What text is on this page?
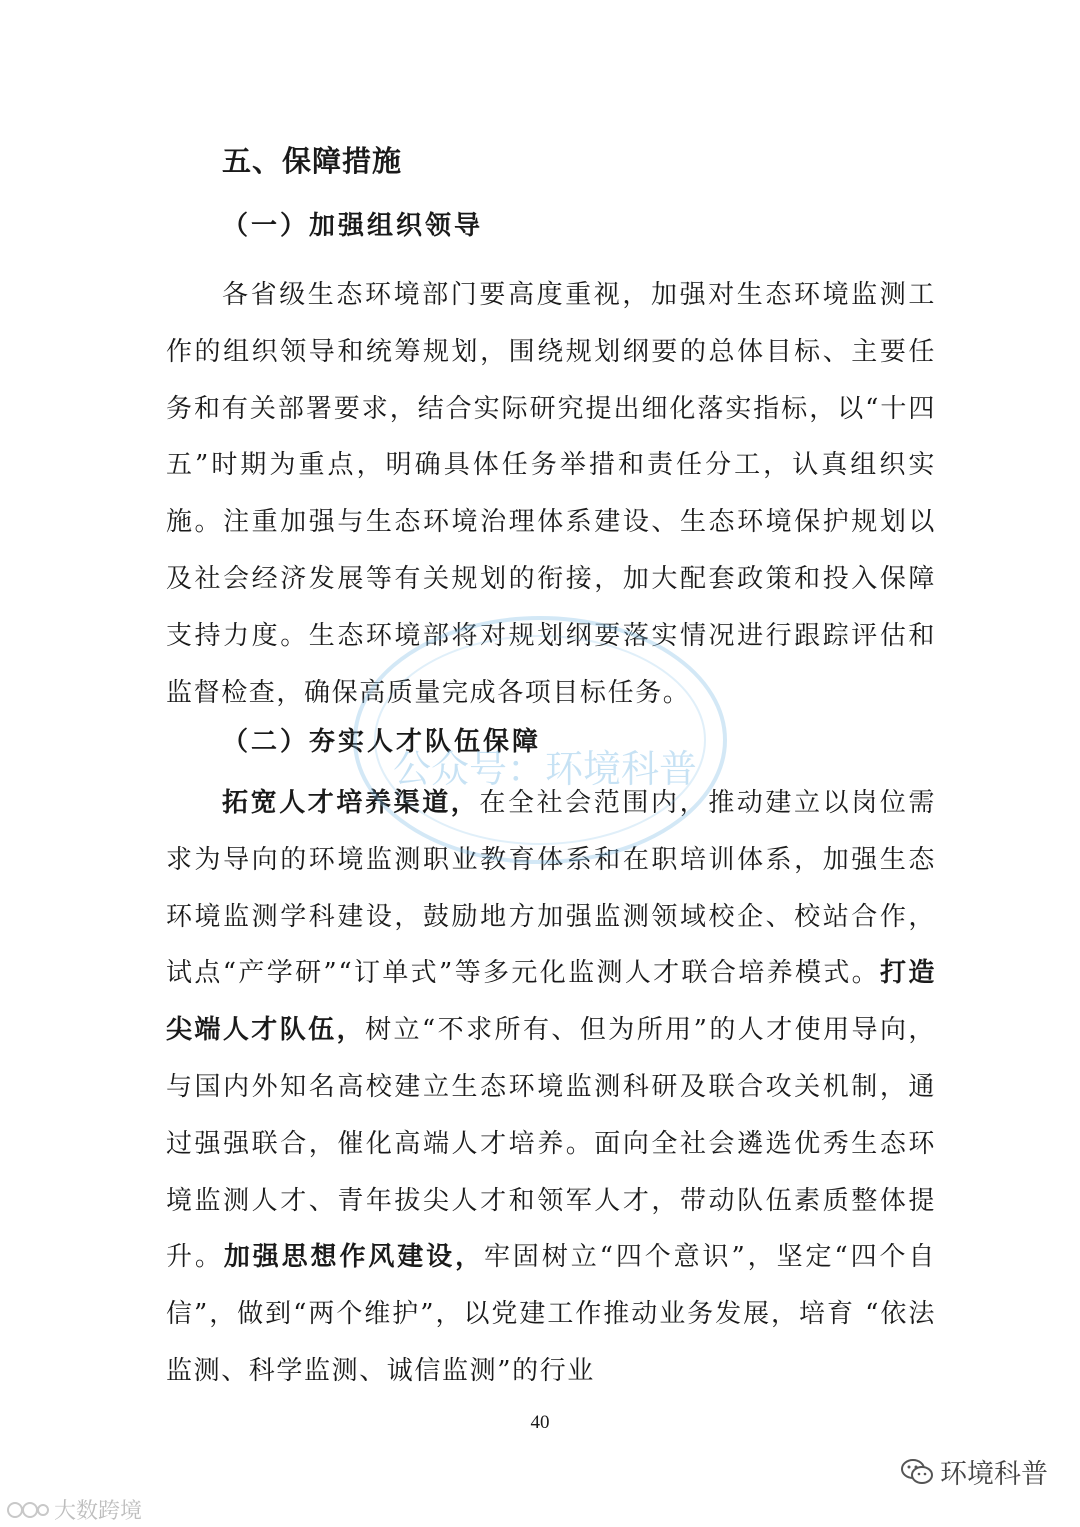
五、保障措施
（一）加强组织领导

各省级生态环境部门要高度重视，加强对生态环境监测工作的组织领导和统筹规划，围绕规划纲要的总体目标、主要任务和有关部署要求，结合实际研究提出细化落实指标，以“十四五”时期为重点，明确具体任务举措和责任分工，认真组织实施。注重加强与生态环境治理体系建设、生态环境保护规划以及社会经济发展等有关规划的衔接，加大配套政策和投入保障支持力度。生态环境部将对规划纲要落实情况进行跟踪评估和监督检查，确保高质量完成各项目标任务。

（二）夯实人才队伍保障

拓宽人才培养渠道，在全社会范围内，推动建立以岗位需求为导向的环境监测职业教育体系和在职培训体系，加强生态环境监测学科建设，鼓励地方加强监测领域校企、校站合作，试点“产学研”“订单式”等多元化监测人才联合培养模式。打造尖端人才队伍，树立“不求所有、但为所用”的人才使用导向，与国内外知名高校建立生态环境监测科研及联合攻关机制，通过强强联合，催化高端人才培养。面向全社会遴选优秀生态环境监测人才、青年拔尖人才和领军人才，带动队伍素质整体提升。加强思想作风建设，牢固树立“四个意识”，坚定“四个自信”，做到“两个维护”，以党建工作推动业务发展，培育 “依法监测、科学监测、诚信监测”的行业

40
公众号：环境科普
环境科普
大数跨境
